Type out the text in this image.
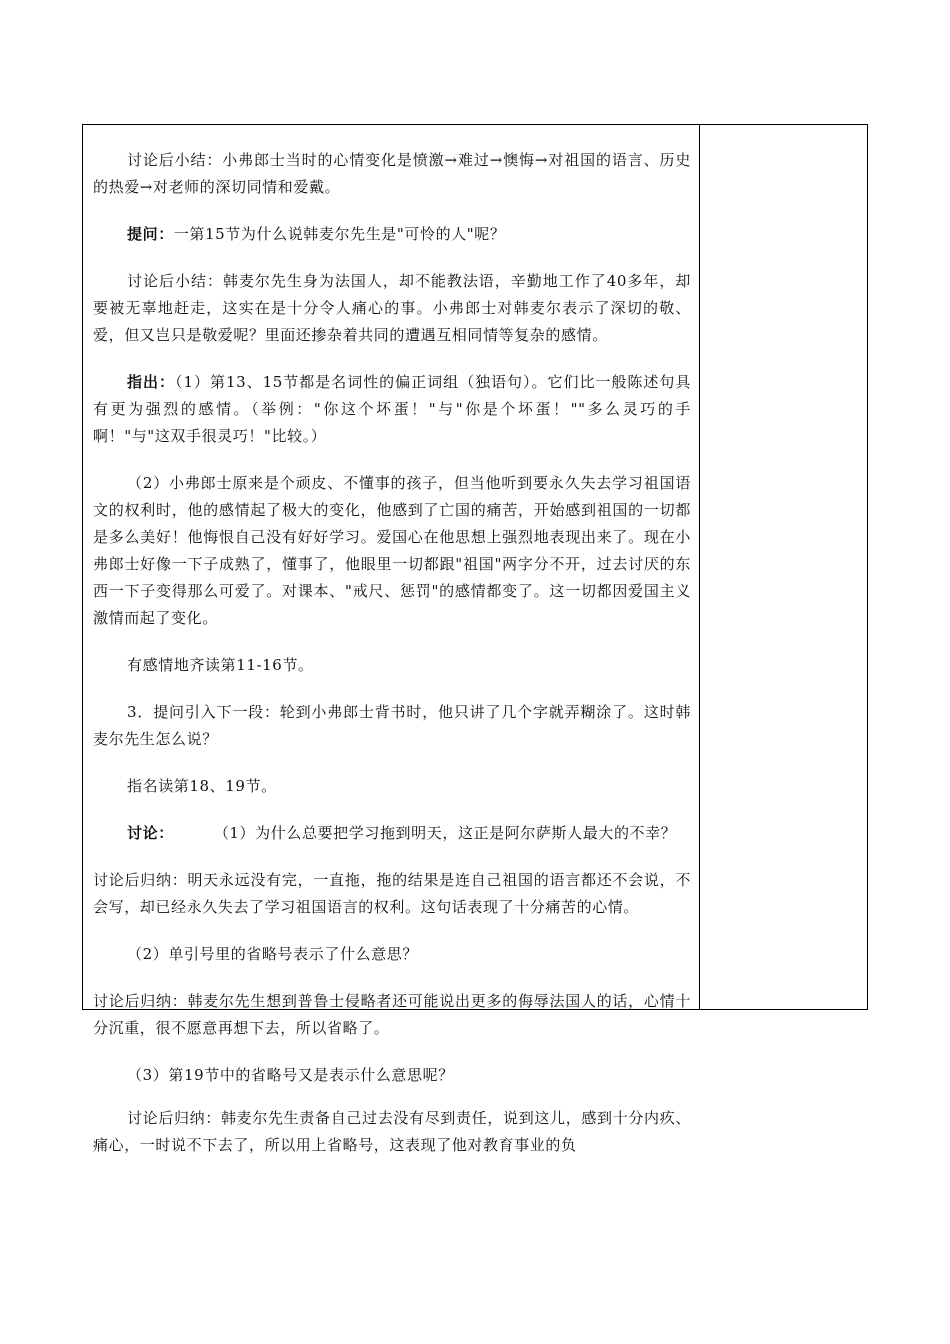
讨论后小结：小弗郎士当时的心情变化是愤激→难过→懊悔→对祖国的语言、历史的热爱→对老师的深切同情和爱戴。

提问：一第15节为什么说韩麦尔先生是"可怜的人"呢？

讨论后小结：韩麦尔先生身为法国人，却不能教法语，辛勤地工作了40多年，却要被无辜地赶走，这实在是十分令人痛心的事。小弗郎士对韩麦尔表示了深切的敬、爱，但又岂只是敬爱呢？里面还掺杂着共同的遭遇互相同情等复杂的感情。

指出：（1）第13、15节都是名词性的偏正词组（独语句）。它们比一般陈述句具有更为强烈的感情。（举例："你这个坏蛋！"与"你是个坏蛋！""多么灵巧的手啊！"与"这双手很灵巧！"比较。）

（2）小弗郎士原来是个顽皮、不懂事的孩子，但当他听到要永久失去学习祖国语文的权利时，他的感情起了极大的变化，他感到了亡国的痛苦，开始感到祖国的一切都是多么美好！他悔恨自己没有好好学习。爱国心在他思想上强烈地表现出来了。现在小弗郎士好像一下子成熟了，懂事了，他眼里一切都跟"祖国"两字分不开，过去讨厌的东西一下子变得那么可爱了。对课本、"戒尺、惩罚"的感情都变了。这一切都因爱国主义激情而起了变化。

有感情地齐读第11-16节。

3．提问引入下一段：轮到小弗郎士背书时，他只讲了几个字就弄糊涂了。这时韩麦尔先生怎么说？

指名读第18、19节。

讨论：	（1）为什么总要把学习拖到明天，这正是阿尔萨斯人最大的不幸？

讨论后归纳：明天永远没有完，一直拖，拖的结果是连自己祖国的语言都还不会说，不会写，却已经永久失去了学习祖国语言的权利。这句话表现了十分痛苦的心情。

（2）单引号里的省略号表示了什么意思？

讨论后归纳：韩麦尔先生想到普鲁士侵略者还可能说出更多的侮辱法国人的话，心情十分沉重，很不愿意再想下去，所以省略了。

（3）第19节中的省略号又是表示什么意思呢？

讨论后归纳：韩麦尔先生责备自己过去没有尽到责任，说到这儿，感到十分内疚、痛心，一时说不下去了，所以用上省略号，这表现了他对教育事业的负
